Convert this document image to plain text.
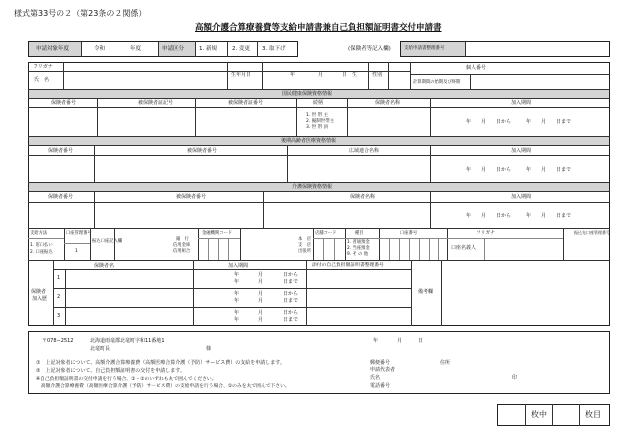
様式第33号の２（第23条の２関係）
高額介護合算療養費等支給申請書兼自己負担額証明書交付申請書
申請対象年度	令和	年度	申請区分	1. 新規	2. 変更 3. 取下げ	(保険者等記入欄)	支給申請書整理番号
フリガナ
氏　名
生年月日	年	月	日　生	性別
個人番号
計算期間の始期及び終期
国民健康保険資格情報
保険者番号	被保険者証記号	被保険者証番号	続柄	保険者名称	加入期間
1. 世 帯 主
2. 擬制世帯主
3. 世 帯 員
年　　月　　日から　　　年　　月　　日まで
後期高齢者医療資格情報
保険者番号	被保険者番号	広域連合名称	加入期間
年　　月　　日から　　　年　　月　　日まで
介護保険資格情報
保険者番号	被保険者番号	保険者名称	加入期間
年　　月　　日から　　　年　　月　　日まで
支給方法
1. 窓口払い
2. 口座振込
口座管理番号
1
振込口座記入欄	銀　行
信用金庫
信用組合
金融機関コード
本　店
支　店
出張所
店舗コード	種目
1. 普通預金
2. 当座預金
9. そ の 他
口座番号	フリガナ
口座名義人
振込先口座管理番号
保険者名	加入期間	添付の自己負担額証明書整理番号
保険者
加入歴
備考欄
1	年	月	日から
年	月	日まで
2	年	月	日から
年	月	日まで
3	年	月	日から
年	月	日まで
〒078−2512	北海道雨竜郡北竜町字和11番地1
北竜町長	様
年	月	日
①　上記対象者について、高額介護合算療養費（高額医療合算介護（予防）サービス費）の支給を申請します。
②　上記対象者について、自己負担額証明書の交付を申請します。
※自己負担額証明書の交付申請を行う場合、①・②のいずれも丸で囲んでください。
　高額介護合算療養費（高額医療合算介護（予防）サービス費）の支給申請を行う場合、①のみを丸で囲んで下さい。
郵便番号	住所
申請代表者
氏名	印
電話番号
枚中	枚目
